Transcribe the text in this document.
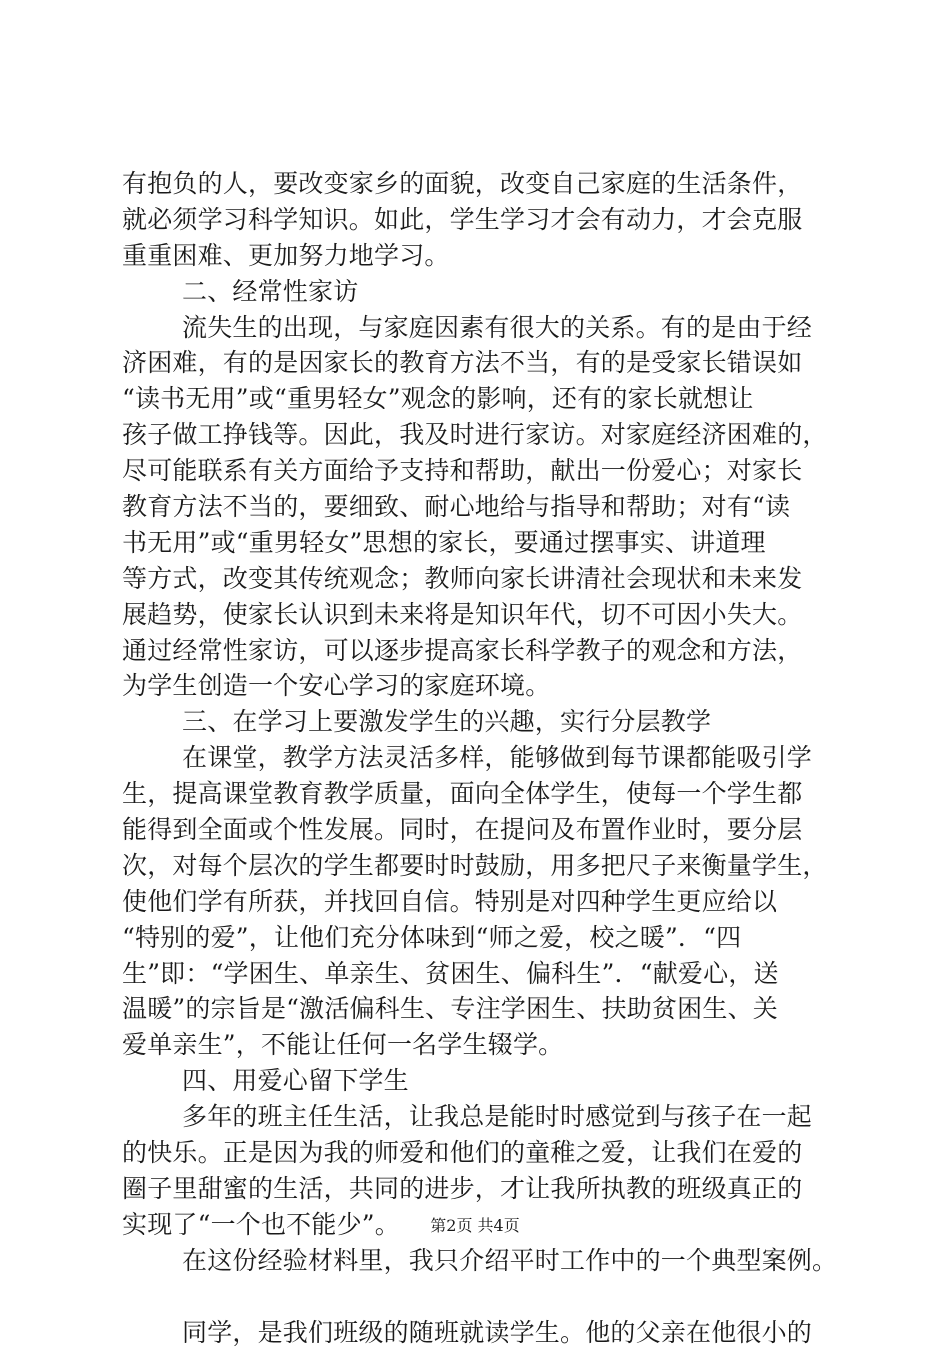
有抱负的人，要改变家乡的面貌，改变自己家庭的生活条件，
就必须学习科学知识。如此，学生学习才会有动力，才会克服
重重困难、更加努力地学习。
二、经常性家访
流失生的出现，与家庭因素有很大的关系。有的是由于经
济困难，有的是因家长的教育方法不当，有的是受家长错误如
“读书无用”或“重男轻女”观念的影响，还有的家长就想让
孩子做工挣钱等。因此，我及时进行家访。对家庭经济困难的，
尽可能联系有关方面给予支持和帮助，献出一份爱心；对家长
教育方法不当的，要细致、耐心地给与指导和帮助；对有“读
书无用”或“重男轻女”思想的家长，要通过摆事实、讲道理
等方式，改变其传统观念；教师向家长讲清社会现状和未来发
展趋势，使家长认识到未来将是知识年代，切不可因小失大。
通过经常性家访，可以逐步提高家长科学教子的观念和方法，
为学生创造一个安心学习的家庭环境。
三、在学习上要激发学生的兴趣，实行分层教学
在课堂，教学方法灵活多样，能够做到每节课都能吸引学
生，提高课堂教育教学质量，面向全体学生，使每一个学生都
能得到全面或个性发展。同时，在提问及布置作业时，要分层
次，对每个层次的学生都要时时鼓励，用多把尺子来衡量学生，
使他们学有所获，并找回自信。特别是对四种学生更应给以
“特别的爱”，让他们充分体味到“师之爱，校之暖”．“四
生”即：“学困生、单亲生、贫困生、偏科生”．“献爱心，送
温暖”的宗旨是“激活偏科生、专注学困生、扶助贫困生、关
爱单亲生”，不能让任何一名学生辍学。
四、用爱心留下学生
多年的班主任生活，让我总是能时时感觉到与孩子在一起
的快乐。正是因为我的师爱和他们的童稚之爱，让我们在爱的
圈子里甜蜜的生活，共同的进步，才让我所执教的班级真正的
实现了“一个也不能少”。
在这份经验材料里，我只介绍平时工作中的一个典型案例。
同学，是我们班级的随班就读学生。他的父亲在他很小的
第2页 共4页
